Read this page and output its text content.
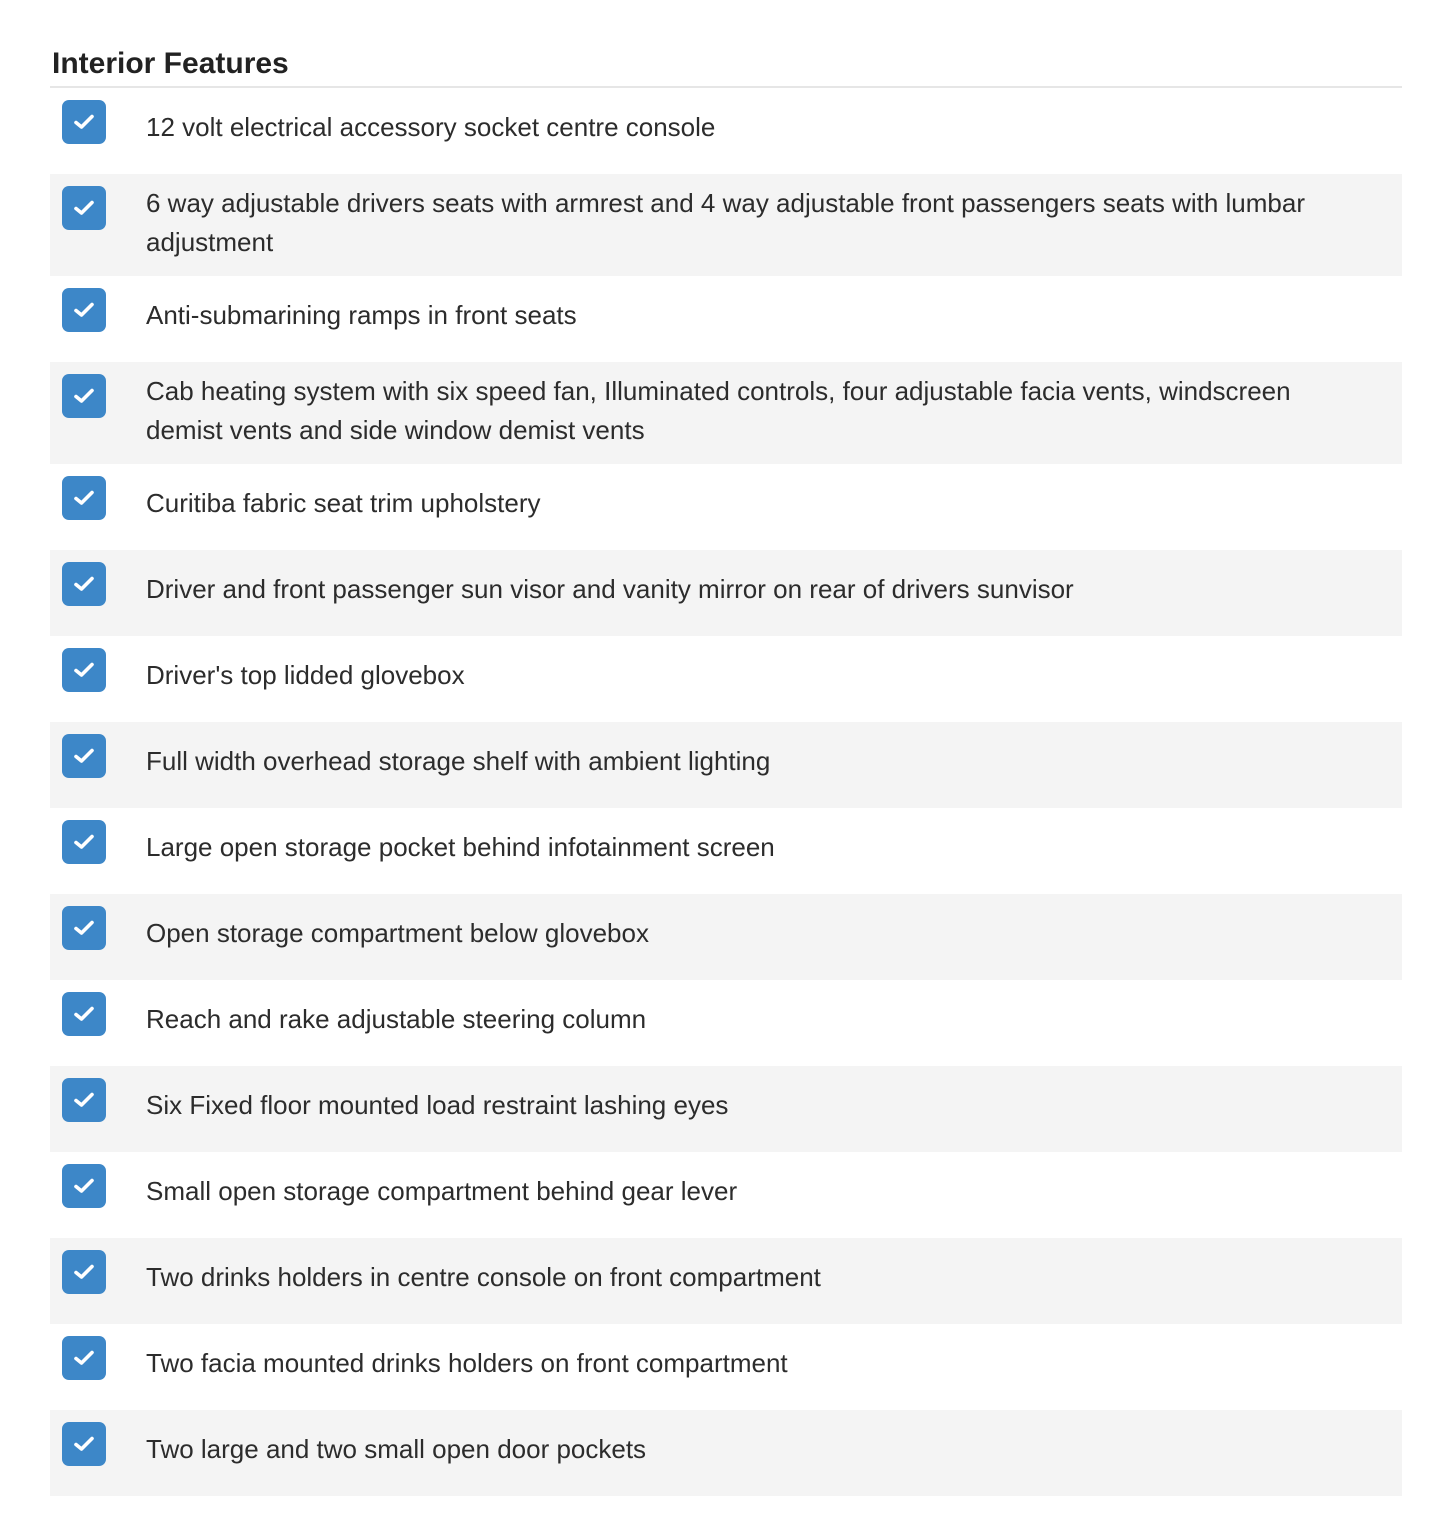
Interior Features
12 volt electrical accessory socket centre console
6 way adjustable drivers seats with armrest and 4 way adjustable front passengers seats with lumbar adjustment
Anti-submarining ramps in front seats
Cab heating system with six speed fan, Illuminated controls, four adjustable facia vents, windscreen demist vents and side window demist vents
Curitiba fabric seat trim upholstery
Driver and front passenger sun visor and vanity mirror on rear of drivers sunvisor
Driver's top lidded glovebox
Full width overhead storage shelf with ambient lighting
Large open storage pocket behind infotainment screen
Open storage compartment below glovebox
Reach and rake adjustable steering column
Six Fixed floor mounted load restraint lashing eyes
Small open storage compartment behind gear lever
Two drinks holders in centre console on front compartment
Two facia mounted drinks holders on front compartment
Two large and two small open door pockets
